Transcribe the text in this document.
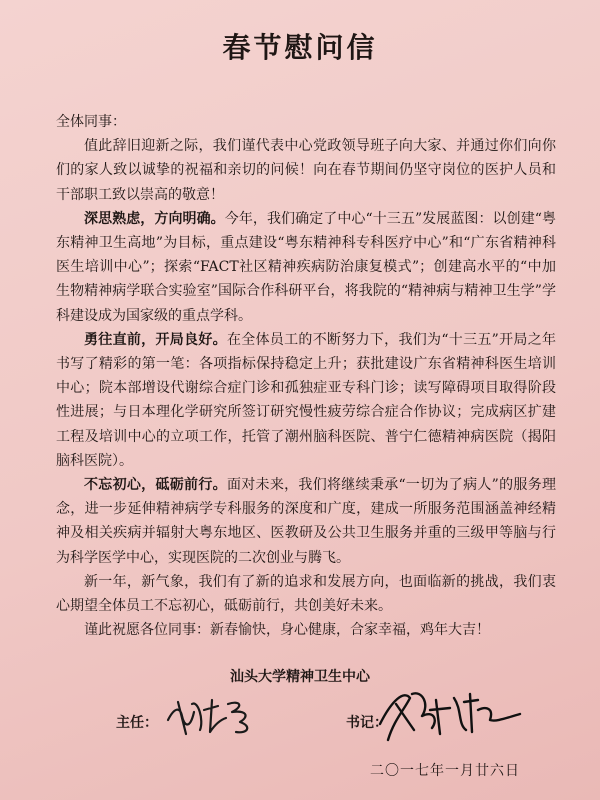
春节慰问信

全体同事：

值此辞旧迎新之际，我们谨代表中心党政领导班子向大家、并通过你们向你们的家人致以诚挚的祝福和亲切的问候！向在春节期间仍坚守岗位的医护人员和干部职工致以崇高的敬意！

深思熟虑，方向明确。今年，我们确定了中心“十三五”发展蓝图：以创建“粤东精神卫生高地”为目标，重点建设“粤东精神科专科医疗中心”和“广东省精神科医生培训中心”；探索“FACT社区精神疾病防治康复模式”；创建高水平的“中加生物精神病学联合实验室”国际合作科研平台，将我院的“精神病与精神卫生学”学科建设成为国家级的重点学科。

勇往直前，开局良好。在全体员工的不断努力下，我们为“十三五”开局之年书写了精彩的第一笔：各项指标保持稳定上升；获批建设广东省精神科医生培训中心；院本部增设代谢综合症门诊和孤独症亚专科门诊；读写障碍项目取得阶段性进展；与日本理化学研究所签订研究慢性疲劳综合症合作协议；完成病区扩建工程及培训中心的立项工作，托管了潮州脑科医院、普宁仁德精神病医院（揭阳脑科医院）。

不忘初心，砥砺前行。面对未来，我们将继续秉承“一切为了病人”的服务理念，进一步延伸精神病学专科服务的深度和广度，建成一所服务范围涵盖神经精神及相关疾病并辐射大粤东地区、医教研及公共卫生服务并重的三级甲等脑与行为科学医学中心，实现医院的二次创业与腾飞。

新一年，新气象，我们有了新的追求和发展方向，也面临新的挑战，我们衷心期望全体员工不忘初心，砥砺前行，共创美好未来。

谨此祝愿各位同事：新春愉快，身心健康，合家幸福，鸡年大吉！

汕头大学精神卫生中心
主任：	书记：
二〇一七年一月廿六日
